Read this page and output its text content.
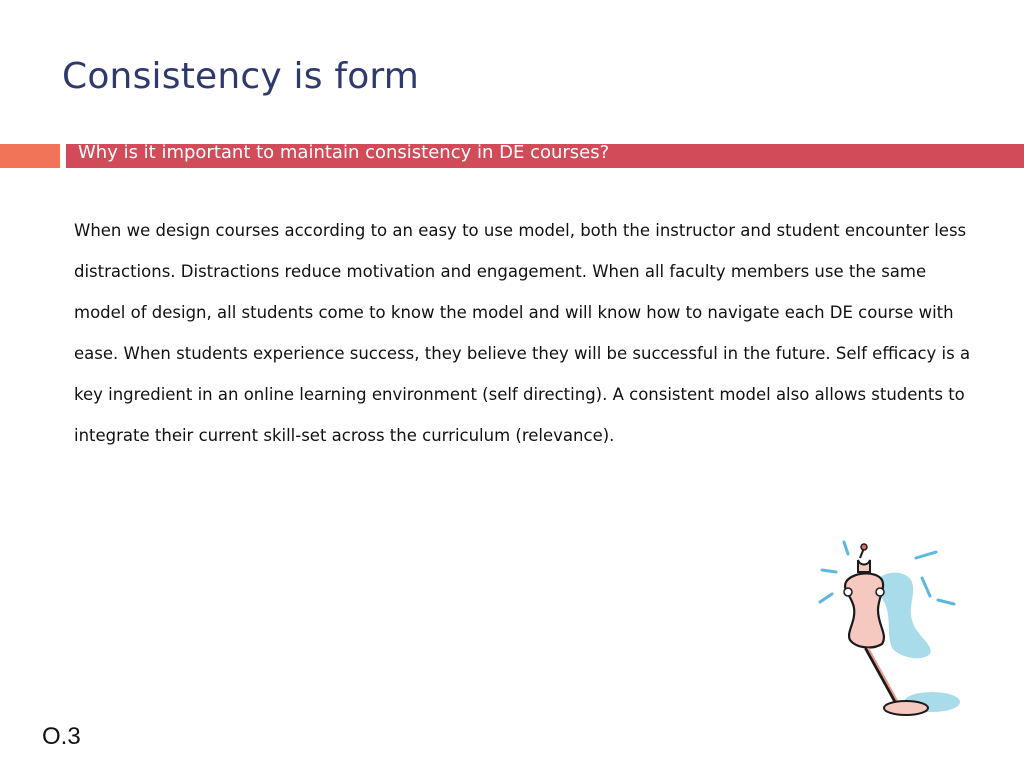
Consistency is form
Why is it important to maintain consistency in DE courses?
When we design courses according to an easy to use model, both the instructor and student encounter less distractions. Distractions reduce motivation and engagement. When all faculty members use the same model of design, all students come to know the model and will know how to navigate each DE course with ease. When students experience success, they believe they will be successful in the future. Self efficacy is a key ingredient in an online learning environment (self directing). A consistent model also allows students to integrate their current skill-set across the curriculum (relevance).
O.3
